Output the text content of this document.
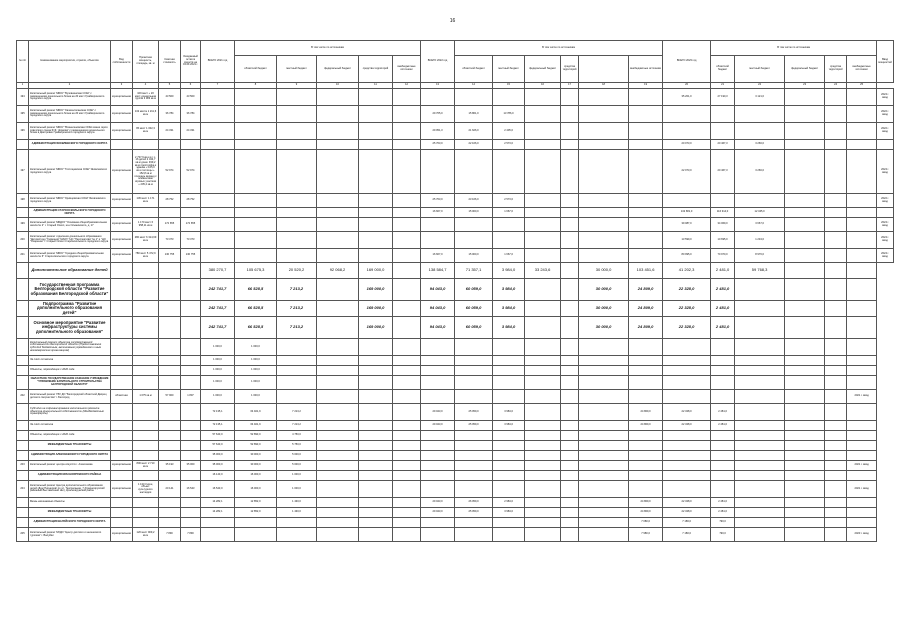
16
№ п/п	Наименование мероприятия, отрасли, объектов	Вид собственности	Проектная мощность, площадь, кв. м	Сметная стоимость	Ожидаемый остаток средств на 01.01.2021 г.	ВСЕГО 2021 год	В том числе по источникам					ВСЕГО 2022 год	В том числе по источникам						ВСЕГО 2023 год	В том числе по источникам					Ввод мощностей
							областной бюджет	местный бюджет	федеральный бюджет	средства территорий	внебюджетные источники		областной бюджет	местный бюджет	федеральный бюджет	средства территорий		внебюджетные источники		областной бюджет	местный бюджет	федеральный бюджет	средства территорий	внебюджетные источники	
1	2	3	4	5	6	7	8	9	10	11	12	13	14	15	16	17	18	19	20	21	22	23	24	25	
194	Капитальный ремонт МБОУ "Бузовнянская СОШ" с размещением дошкольного блока на 20 мест Грайворонского городского округа	муниципальная	109 мест + 20 мест дошкольная группа 3 083 кв.м	43 500	43 500														35 201,0	27 190,3	3 121,0				2024 г. ввод
195	Капитальный ремонт МБОУ "Казачелопанская СОШ" с размещением дошкольного блока на 20 мест Грайворонского городского округа	муниципальная	132 места 1 211,6 кв.м	36 784	36 784							29 765,0	15 861,0	13 786,0											2022 г. ввод
196	Капитальный ремонт МБОУ "Вознесеновская ООШ имени героя советского союза Ф.Ф. Чиркова" с размещением дошкольного блока в Дмитровке Грайворонского городского округа	муниципальная	95 мест 1 002,3 кв.м	24 331	24 331							29 051,3	21 626,0	2 405,0											2022 г. ввод
	АДМИНИСТРАЦИЯ ЯКОВЛЕВСКОГО ГОРОДСКОГО ОКРУГА											25 763,0	22 166,0	2 573,0					20 073,0	20 467,3	3 266,0				
197	Капитальный ремонт МБОУ "Гостищевская СОШ" Яковлевского городского округа	муниципальная	2 737,9 кв.м в т.ч. 16 детей 2 434,7 кв.м дошк. 939,2 кв.м пристройка к зданию + 105,0 кв.м теплицы + 152,8 кв.м площадь веранд с элементами игровых участков + 205,4 кв.м	52 974	52 974														22 073,0	20 467,3	3 266,0				2024 г. ввод
198	Капитальный ремонт МБОУ "Кривцовская СОШ" Яковлевского городского округа	муниципальная	136 мест 1 171 кв.м	28 752	28 752							25 763,0	23 166,0	2 573,0											2022 г. ввод
	АДМИНИСТРАЦИЯ СТАРООСКОЛЬСКОГО ГОРОДСКОГО ОКРУГА											16 667,0	15 000,0	1 667,0					132 681,0	116 314,0	12 345,0				
199	Капитальный ремонт МБДОУ "Основная общеобразовательная школа № 2" г. Старый Оскол, м-н Ольминского, д. 17	муниципальная	1 170 мест 6 958,11 кв.м	172 655	172 655														39 087,0	34 069,0	3 667,0				2024 г. ввод
200	Капитальный ремонт отделения дошкольного образования "Детский сад "Гармония" МАОУ "ЦО "Перспектива" № 1" и "ЦО "Озарение" г. Старый Оскол Старооскольского городского округа	муниципальная	280 мест 6 314,69 кв.м	73 373	73 373														13 599,0	10 695,0	1 234,0				2024 г. ввод
201	Капитальный ремонт МБОУ "Средняя общеобразовательная школа № 6" Старооскольского городского округа	муниципальная	780 мест 5 472,9 кв.м	130 755	130 755							16 667,0	15 000,0	1 667,0					80 995,0	70 970,0	8 976,0				2024 г. ввод
	Дополнительное образование детей					380 270,7	105 675,3	20 520,2	92 068,2	169 000,0		138 584,7	71 357,1	3 984,0	33 243,6		30 000,0	103 451,6	41 202,3	2 481,0	59 768,3				
	Государственная программа Белгородской области "Развитие образования Белгородской области"					242 741,7	66 528,5	7 213,2		169 000,0		94 043,0	60 059,0	3 984,0			30 000,0	24 809,0	22 328,0	2 481,0					
	Подпрограмма "Развитие дополнительного образования детей"					242 741,7	66 528,5	7 213,2		169 000,0		94 043,0	60 059,0	3 984,0			30 000,0	24 809,0	22 328,0	2 481,0					
	Основное мероприятие "Развитие инфраструктуры системы дополнительного образования"					242 741,7	66 528,5	7 213,2		169 000,0		94 043,0	60 059,0	3 984,0			30 000,0	24 809,0	22 328,0	2 481,0					
	Капитальный ремонт объектов государственной собственности Белгородской области (Предоставление субсидий бюджетным, автономным учреждениям и иным некоммерческим организациям)					1 000,0	1 000,0																		
	За счет остатков					1 000,0	1 000,0																		
	Объекты, переходящие с 2020 года					1 000,0	1 000,0																		
	ОБЛАСТНОЕ ГОСУДАРСТВЕННОЕ КАЗЕННОЕ УЧРЕЖДЕНИЕ "УПРАВЛЕНИЕ КАПИТАЛЬНОГО СТРОИТЕЛЬСТВА БЕЛГОРОДСКОЙ ОБЛАСТИ"					1 000,0	1 000,0																		
202	Капитальный ремонт ГБУ ДО "Белгородский областной Дворец детского творчества" г. Белгород	областная	1 075 кв.м	57 900	1 807	1 000,0	1 000,0																	2021 г. ввод	
	Субсидии на софинансирование капитального ремонта объектов муниципальной собственности (Межбюджетные трансферты)					72 135,1	64 921,9	7 213,2				29 043,0	25 059,0	3 984,0				24 809,0	22 328,0	2 481,0					
	За счет остатков					72 135,1	64 921,9	7 213,2				29 043,0	25 059,0	3 984,0				24 809,0	22 328,0	2 481,0					
	Объекты, переходящие с 2020 года					57 643,0	52 893,0	4 750,0																	
	МЕЖБЮДЖЕТНЫЕ ТРАНСФЕРТЫ					57 643,0	52 893,0	5 750,0																	
	АДМИНИСТРАЦИЯ АЛЕКСЕЕВСКОГО ГОРОДСКОГО ОКРУГА					35 000,0	30 000,0	5 000,0																	
203	Капитальный ремонт центра искусств г. Алексеевка	муниципальная	800 мест 2 710 кв.м	35 193	35 000	35 000,0	30 000,0	5 000,0																2021 г. ввод	
	АДМИНИСТРАЦИЯ КРАСНОЯРУЖСКОГО РАЙОНА					16 143,0	16 000,0	1 000,0																	
204	Капитальный ремонт Центра дополнительного образования детей (Дом Пионеров) по ул. Театральная, 7 (Красноярузский районный Выставочный зал), Краснояружский район	муниципальная	1 133,3 кв.м, объект культурного наследия	20 141	16 543	16 543,0	16 000,0	1 000,0																2021 г. ввод	
	Вновь начинаемые объекты					14 282,1	12 852,0	1 430,0				29 043,0	26 059,0	2 984,0				24 809,0	22 328,0	2 481,0					
	МЕЖБЮДЖЕТНЫЕ ТРАНСФЕРТЫ					14 282,1	12 852,0	1 430,0				29 043,0	25 059,0	3 984,0				24 809,0	22 328,0	2 481,0					
	АДМИНИСТРАЦИЯ ВАЛУЙСКОГО ГОРОДСКОГО ОКРУГА																	7 080,0	7 186,0	790,0					
205	Капитальный ремонт МУДО "Центр детского и юношеского туризма" г. Валуйки	муниципальная	120 мест 909,2 кв.м	7 890	7 890													7 980,0	7 180,0	790,0				2023 г. ввод	
